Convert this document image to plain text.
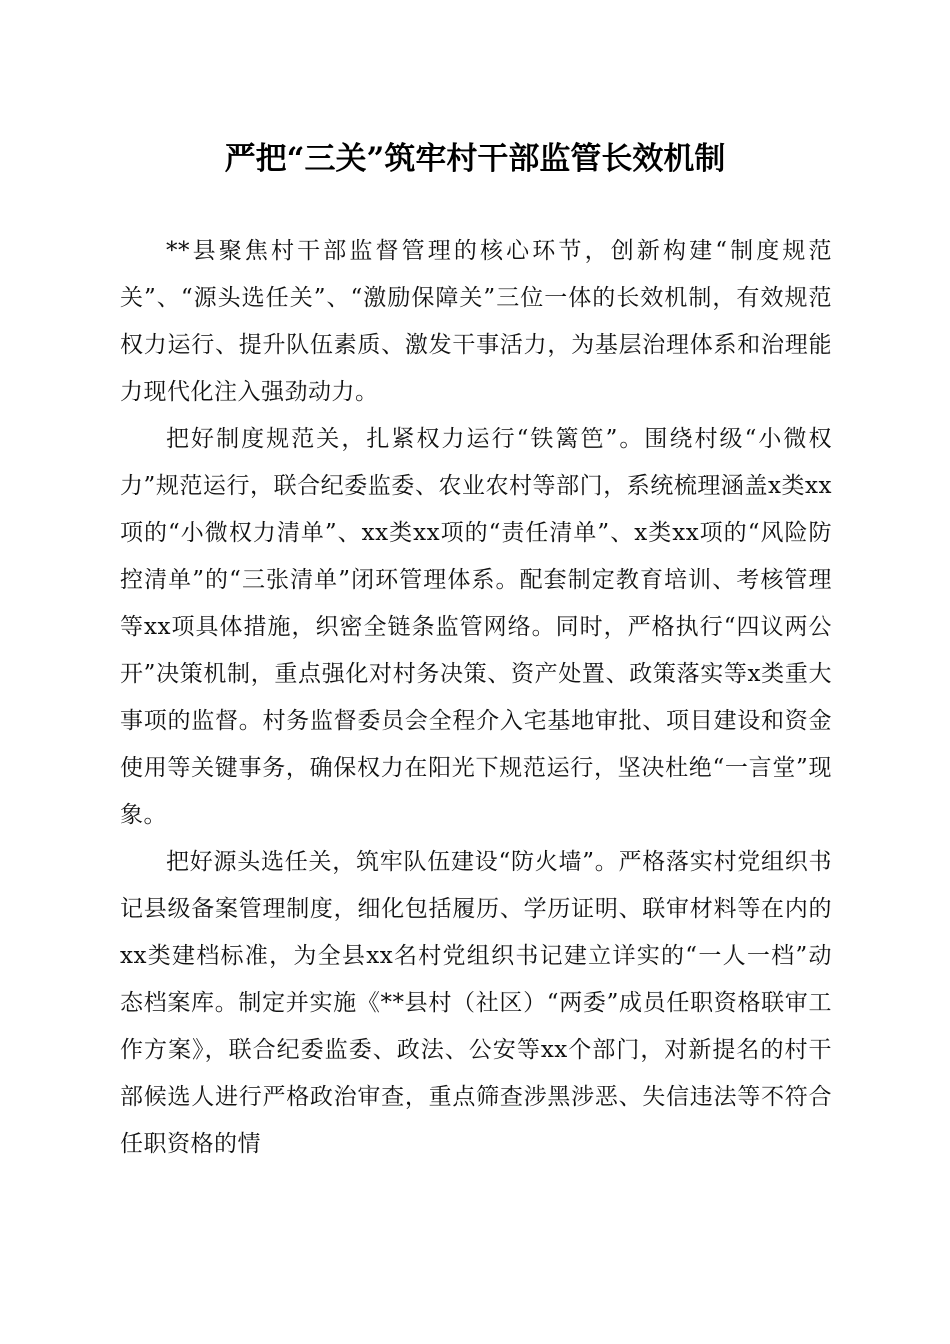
严把“三关”筑牢村干部监管长效机制

**县聚焦村干部监督管理的核心环节，创新构建“制度规范关”、“源头选任关”、“激励保障关”三位一体的长效机制，有效规范权力运行、提升队伍素质、激发干事活力，为基层治理体系和治理能力现代化注入强劲动力。

把好制度规范关，扎紧权力运行“铁篱笆”。围绕村级“小微权力”规范运行，联合纪委监委、农业农村等部门，系统梳理涵盖x类xx项的“小微权力清单”、xx类xx项的“责任清单”、x类xx项的“风险防控清单”的“三张清单”闭环管理体系。配套制定教育培训、考核管理等xx项具体措施，织密全链条监管网络。同时，严格执行“四议两公开”决策机制，重点强化对村务决策、资产处置、政策落实等x类重大事项的监督。村务监督委员会全程介入宅基地审批、项目建设和资金使用等关键事务，确保权力在阳光下规范运行，坚决杜绝“一言堂”现象。

把好源头选任关，筑牢队伍建设“防火墙”。严格落实村党组织书记县级备案管理制度，细化包括履历、学历证明、联审材料等在内的xx类建档标准，为全县xx名村党组织书记建立详实的“一人一档”动态档案库。制定并实施《**县村（社区）“两委”成员任职资格联审工作方案》，联合纪委监委、政法、公安等xx个部门，对新提名的村干部候选人进行严格政治审查，重点筛查涉黑涉恶、失信违法等不符合任职资格的情
